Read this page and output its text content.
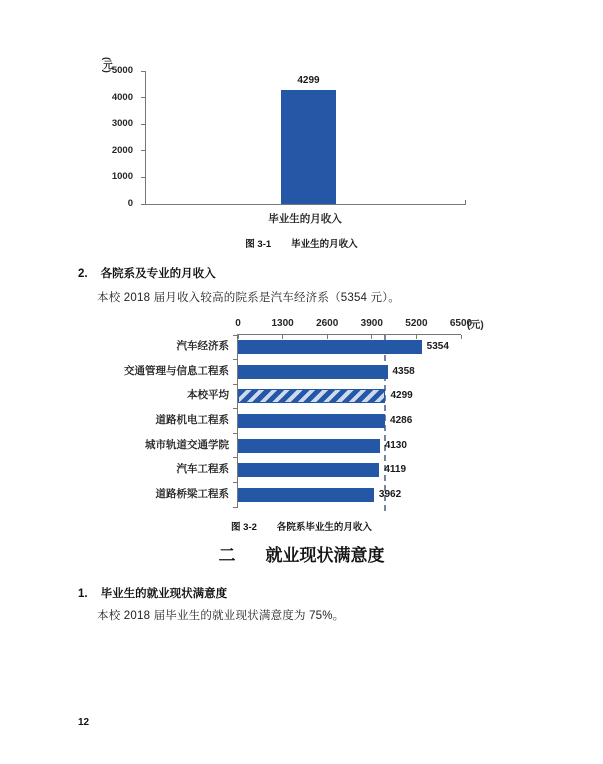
(元)
0
1000
2000
3000
4000
5000
4299
毕业生的月收入
图 3-1 毕业生的月收入
2. 各院系及专业的月收入
本校 2018 届月收入较高的院系是汽车经济系（5354 元）。
汽车经济系
交通管理与信息工程系
本校平均
道路机电工程系
城市轨道交通学院
汽车工程系
道路桥梁工程系
0	1300 2600 3900 5200 6500
(元)
5354
4358
4299
4286
4130
4119
3962
图 3-2 各院系毕业生的月收入
二 就业现状满意度
1. 毕业生的就业现状满意度
本校 2018 届毕业生的就业现状满意度为 75%。
12
